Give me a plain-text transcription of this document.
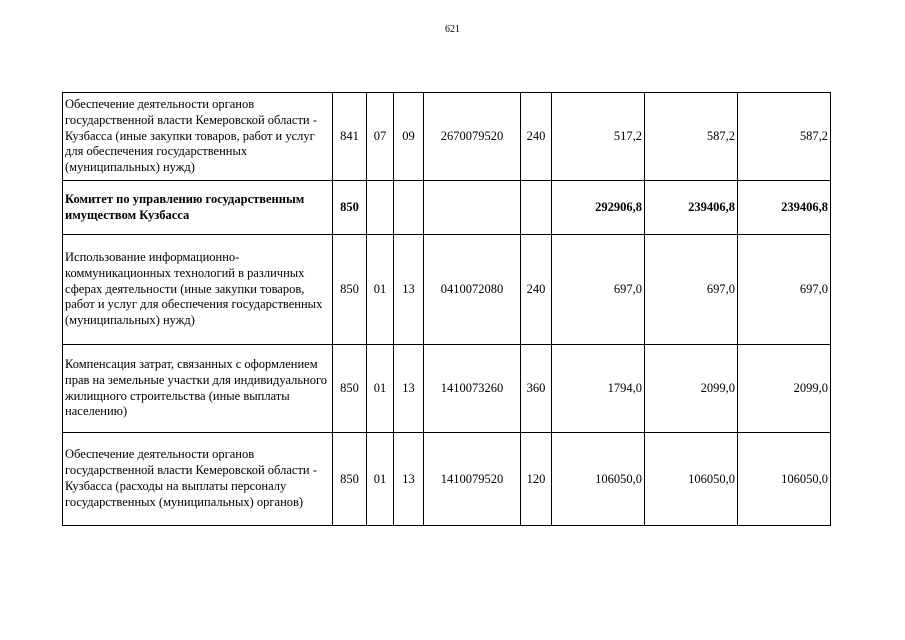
621
Обеспечение деятельности органов государственной власти Кемеровской области - Кузбасса (иные закупки товаров, работ и услуг для обеспечения государственных (муниципальных) нужд)	841	07	09	2670079520	240	517,2	587,2	587,2
Комитет по управлению государственным имуществом Кузбасса	850					292906,8	239406,8	239406,8
Использование информационно-коммуникационных технологий в различных сферах деятельности (иные закупки товаров, работ и услуг для обеспечения государственных (муниципальных) нужд)	850	01	13	0410072080	240	697,0	697,0	697,0
Компенсация затрат, связанных с оформлением прав на земельные участки для индивидуального жилищного строительства (иные выплаты населению)	850	01	13	1410073260	360	1794,0	2099,0	2099,0
Обеспечение деятельности органов государственной власти Кемеровской области - Кузбасса (расходы на выплаты персоналу государственных (муниципальных) органов)	850	01	13	1410079520	120	106050,0	106050,0	106050,0
